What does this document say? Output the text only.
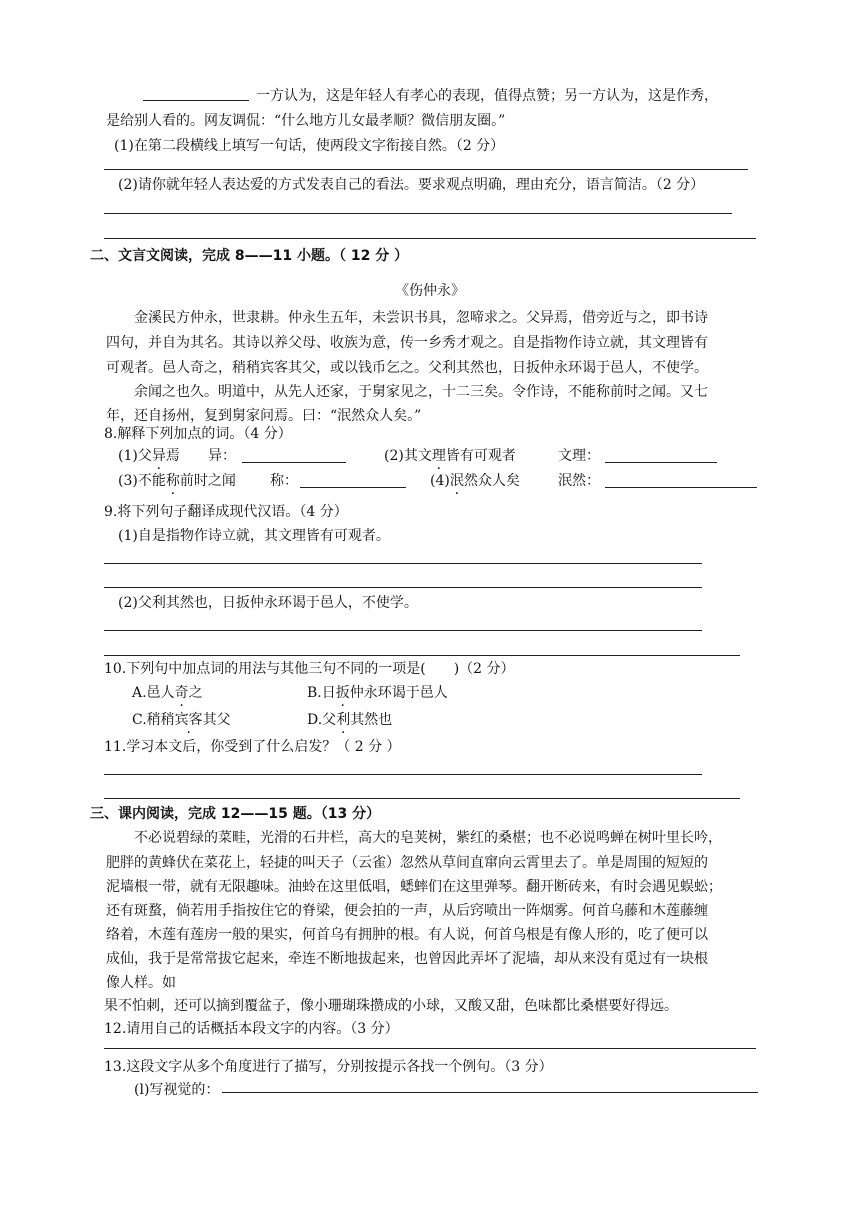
一方认为，这是年轻人有孝心的表现，值得点赞；另一方认为，这是作秀，
是给别人看的。网友调侃：“什么地方儿女最孝顺？微信朋友圈。”
(1)在第二段横线上填写一句话，使两段文字衔接自然。（2 分）
(2)请你就年轻人表达爱的方式发表自己的看法。要求观点明确，理由充分，语言简洁。（2 分）
二、文言文阅读，完成 8——11 小题。（ 12 分 ）
《伤仲永》
金溪民方仲永，世隶耕。仲永生五年，未尝识书具，忽啼求之。父异焉，借旁近与之，即书诗
四句，并自为其名。其诗以养父母、收族为意，传一乡秀才观之。自是指物作诗立就，其文理皆有
可观者。邑人奇之，稍稍宾客其父，或以钱币乞之。父利其然也，日扳仲永环谒于邑人，不使学。
余闻之也久。明道中，从先人还家，于舅家见之，十二三矣。令作诗，不能称前时之闻。又七
年，还自扬州，复到舅家问焉。曰：“泯然众人矣。”
8.解释下列加点的词。（4 分）
(1)父异焉 异：	(2)其文理皆有可观者	文理：
(3)不能称前时之闻 称：	(4)泯然众人矣	泯然：
9.将下列句子翻译成现代汉语。（4 分）
(1)自是指物作诗立就，其文理皆有可观者。
(2)父利其然也，日扳仲永环谒于邑人，不使学。
10.下列句中加点词的用法与其他三句不同的一项是(　　)（2 分）
A.邑人奇之	B.日扳仲永环谒于邑人
C.稍稍宾客其父	D.父利其然也
11.学习本文后，你受到了什么启发？（ 2 分 ）
三、课内阅读，完成 12——15 题。（13 分）
不必说碧绿的菜畦，光滑的石井栏，高大的皂荚树，紫红的桑椹；也不必说鸣蝉在树叶里长吟，
肥胖的黄蜂伏在菜花上，轻捷的叫天子（云雀）忽然从草间直窜向云霄里去了。单是周围的短短的
泥墙根一带，就有无限趣味。油蛉在这里低唱，蟋蟀们在这里弹琴。翻开断砖来，有时会遇见蜈蚣；
还有斑蝥，倘若用手指按住它的脊梁，便会拍的一声，从后窍喷出一阵烟雾。何首乌藤和木莲藤缠
络着，木莲有莲房一般的果实，何首乌有拥肿的根。有人说，何首乌根是有像人形的，吃了便可以
成仙，我于是常常拔它起来，牵连不断地拔起来，也曾因此弄坏了泥墙，却从来没有觅过有一块根
像人样。如
果不怕刺，还可以摘到覆盆子，像小珊瑚珠攒成的小球，又酸又甜，色味都比桑椹要好得远。
12.请用自己的话概括本段文字的内容。（3 分）
13.这段文字从多个角度进行了描写，分别按提示各找一个例句。（3 分）
(l)写视觉的：
